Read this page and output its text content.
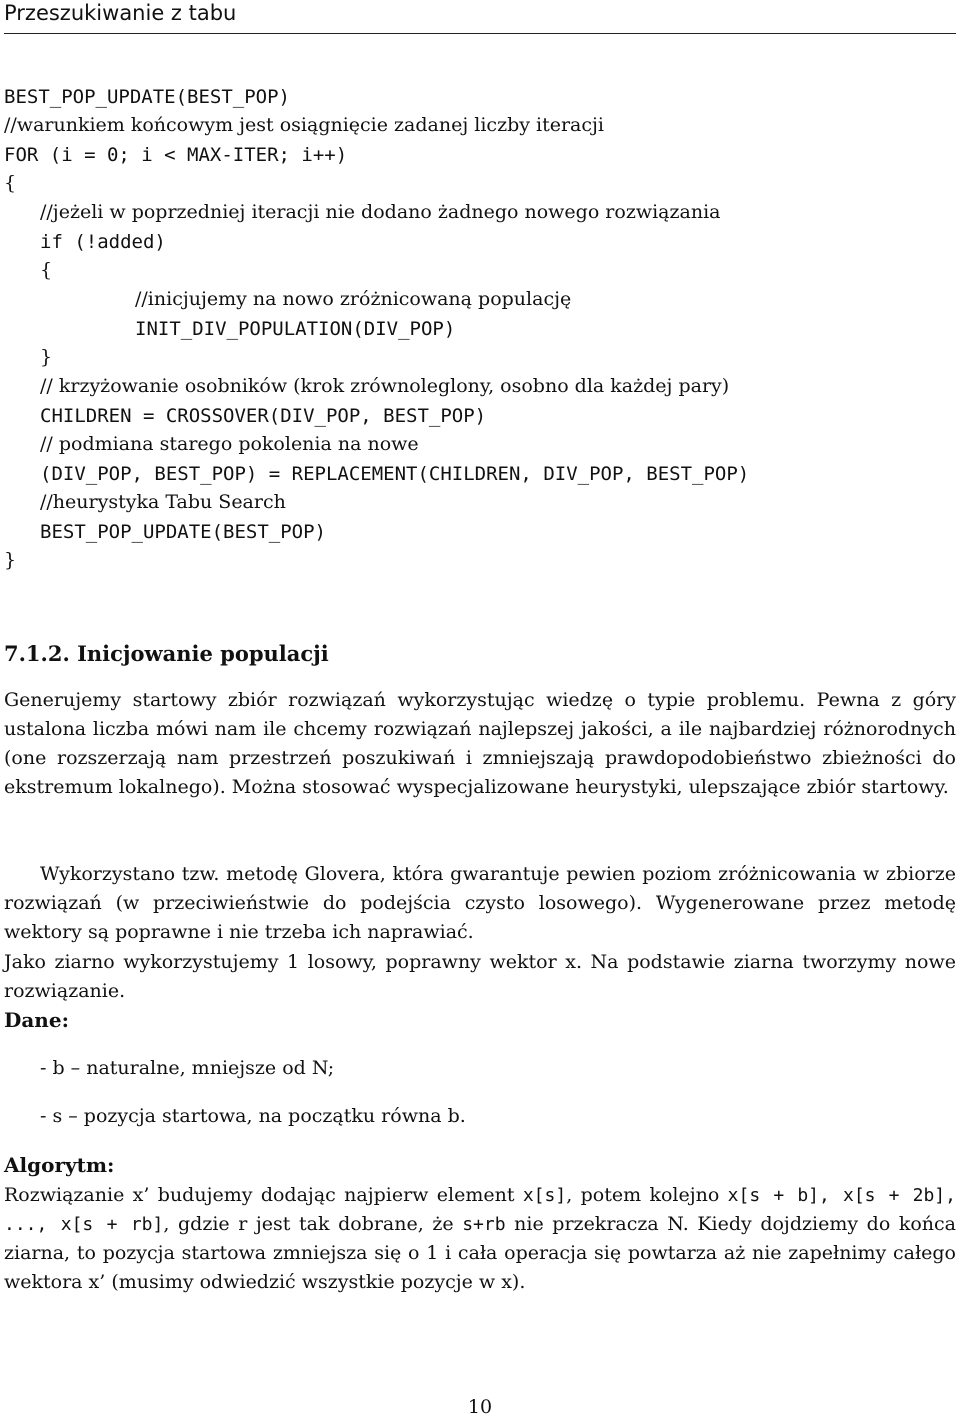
Przeszukiwanie z tabu
BEST_POP_UPDATE(BEST_POP)
//warunkiem końcowym jest osiągnięcie zadanej liczby iteracji
FOR (i = 0; i < MAX-ITER; i++)
{
//jeżeli w poprzedniej iteracji nie dodano żadnego nowego rozwiązania
if (!added)
{
//inicjujemy na nowo zróżnicowaną populację
INIT_DIV_POPULATION(DIV_POP)
}
// krzyżowanie osobników (krok zrównoleglony, osobno dla każdej pary)
CHILDREN = CROSSOVER(DIV_POP, BEST_POP)
// podmiana starego pokolenia na nowe
(DIV_POP, BEST_POP) = REPLACEMENT(CHILDREN, DIV_POP, BEST_POP)
//heurystyka Tabu Search
BEST_POP_UPDATE(BEST_POP)
}
7.1.2. Inicjowanie populacji
Generujemy startowy zbiór rozwiązań wykorzystując wiedzę o typie problemu. Pewna z góry ustalona liczba mówi nam ile chcemy rozwiązań najlepszej jakości, a ile najbardziej różnorodnych (one rozszerzają nam przestrzeń poszukiwań i zmniejszają prawdopodobieństwo zbieżności do ekstremum lokalnego). Można stosować wyspecjalizowane heurystyki, ulepszające zbiór startowy.
Wykorzystano tzw. metodę Glovera, która gwarantuje pewien poziom zróżnicowania w zbiorze rozwiązań (w przeciwieństwie do podejścia czysto losowego). Wygenerowane przez metodę wektory są poprawne i nie trzeba ich naprawiać.
Jako ziarno wykorzystujemy 1 losowy, poprawny wektor x. Na podstawie ziarna tworzymy nowe rozwiązanie.
Dane:
- b – naturalne, mniejsze od N;
- s – pozycja startowa, na początku równa b.
Algorytm:
Rozwiązanie x’ budujemy dodając najpierw element x[s], potem kolejno x[s + b], x[s + 2b], ..., x[s + rb], gdzie r jest tak dobrane, że s+rb nie przekracza N. Kiedy dojdziemy do końca ziarna, to pozycja startowa zmniejsza się o 1 i cała operacja się powtarza aż nie zapełnimy całego wektora x’ (musimy odwiedzić wszystkie pozycje w x).
10
